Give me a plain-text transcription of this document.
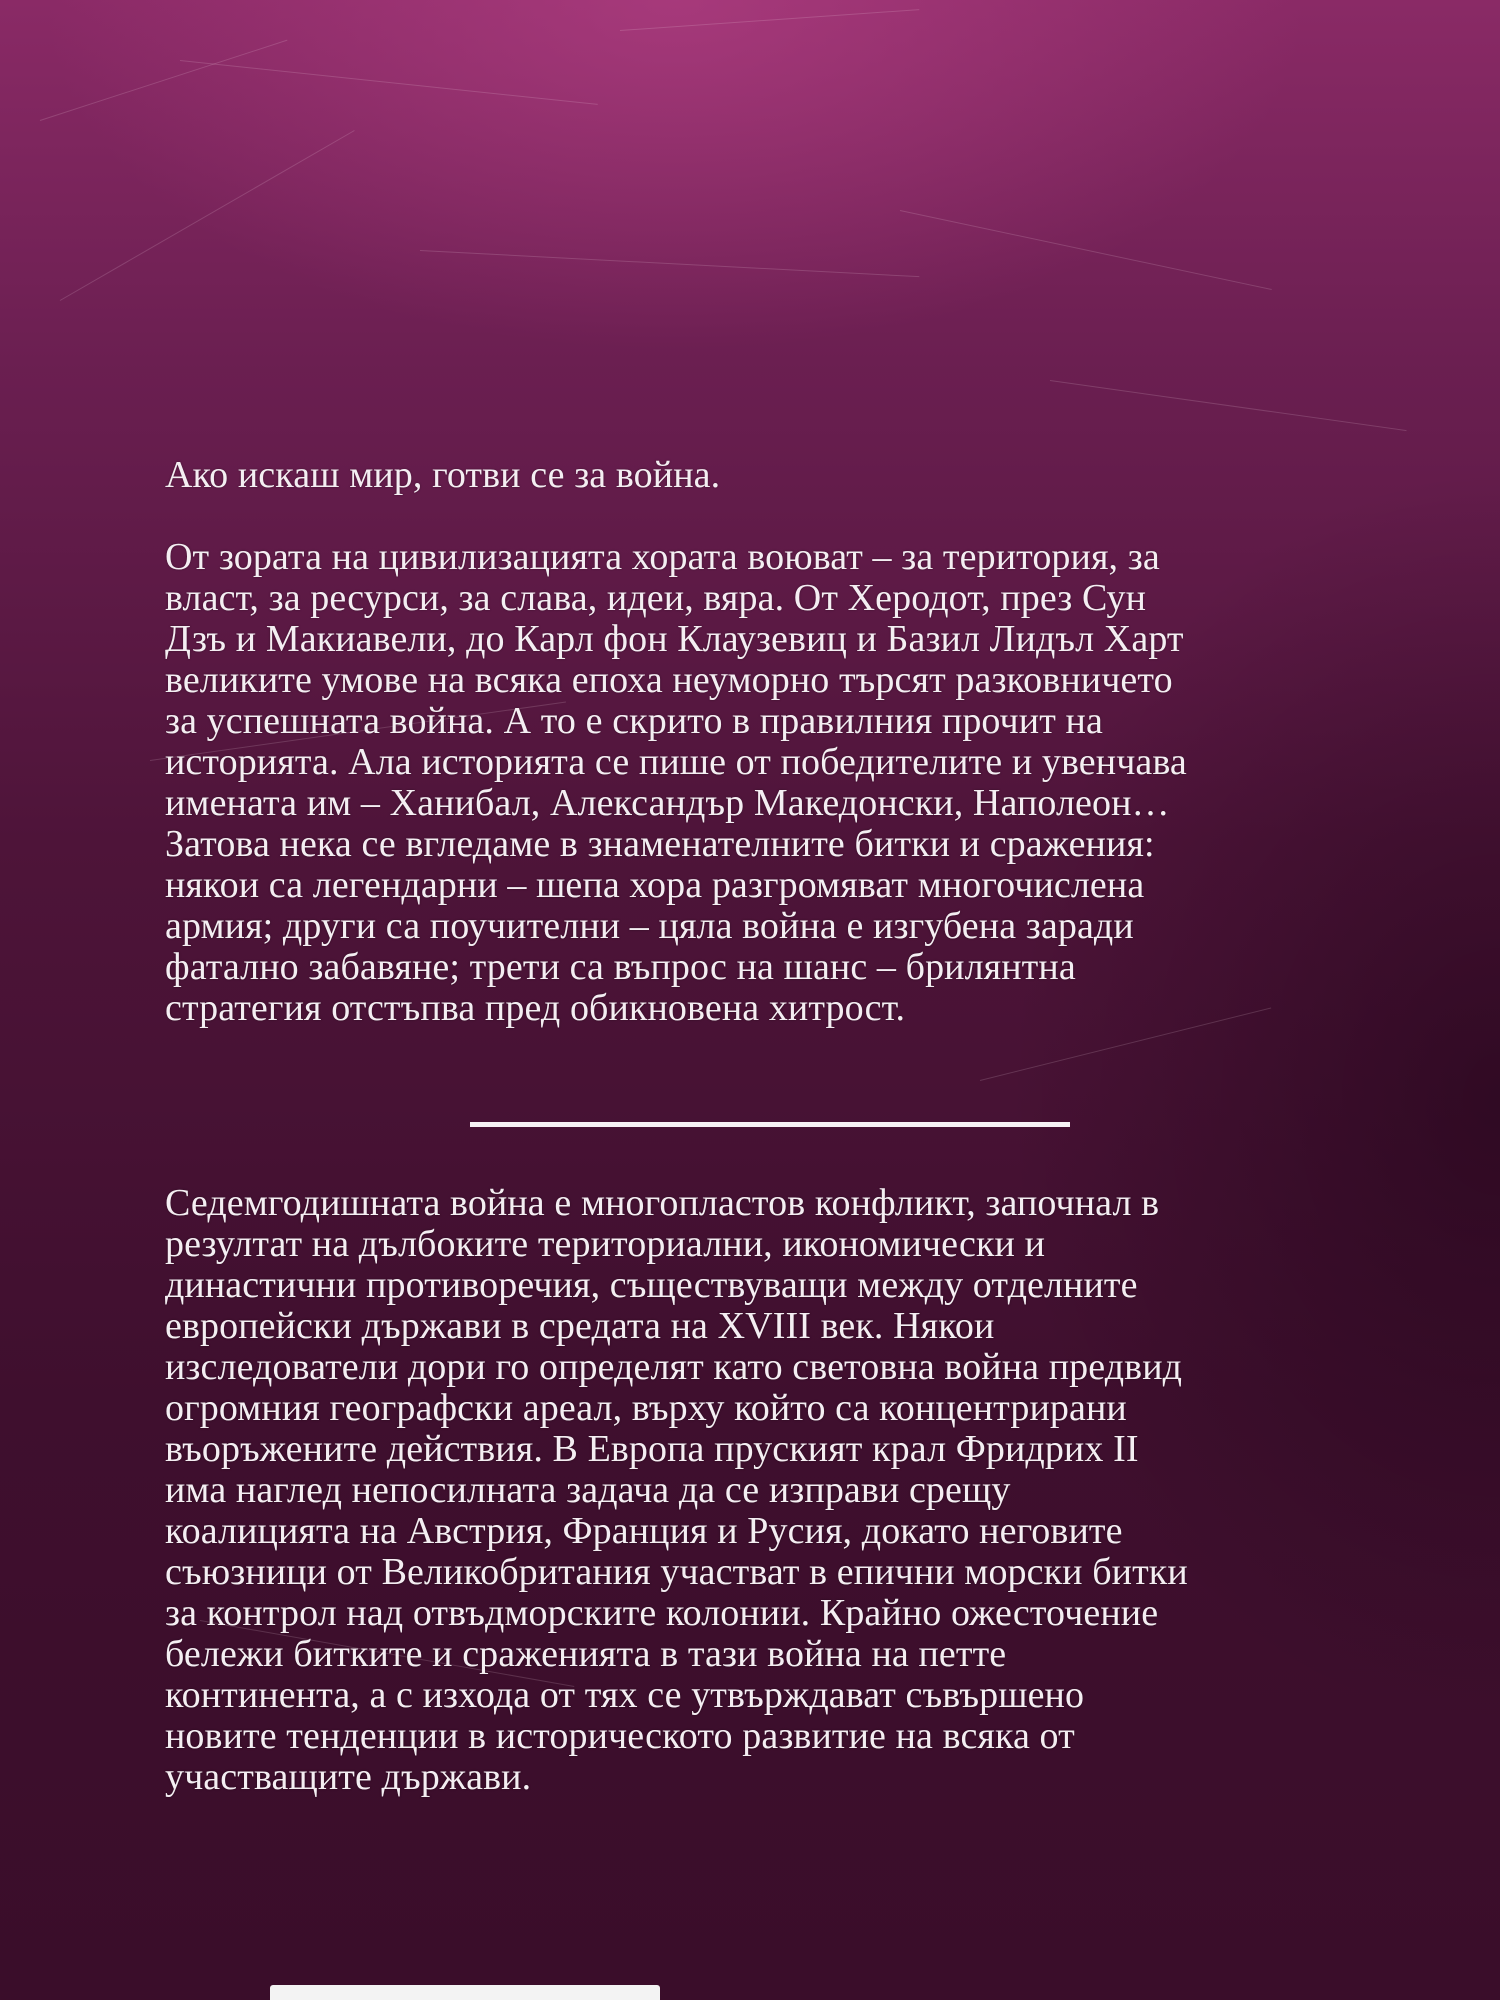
Ако искаш мир, готви се за война.
От зората на цивилизацията хората воюват – за територия, за
власт, за ресурси, за слава, идеи, вяра. От Херодот, през Сун
Дзъ и Макиавели, до Карл фон Клаузевиц и Базил Лидъл Харт
великите умове на всяка епоха неуморно търсят разковничето
за успешната война. А то е скрито в правилния прочит на
историята. Ала историята се пише от победителите и увенчава
имената им – Ханибал, Александър Македонски, Наполеон…
Затова нека се вгледаме в знаменателните битки и сражения:
някои са легендарни – шепа хора разгромяват многочислена
армия; други са поучителни – цяла война е изгубена заради
фатално забавяне; трети са въпрос на шанс – брилянтна
стратегия отстъпва пред обикновена хитрост.
Седемгодишната война е многопластов конфликт, започнал в
резултат на дълбоките териториални, икономически и
династични противоречия, съществуващи между отделните
европейски държави в средата на XVIII век. Някои
изследователи дори го определят като световна война предвид
огромния географски ареал, върху който са концентрирани
въоръжените действия. В Европа пруският крал Фридрих II
има наглед непосилната задача да се изправи срещу
коалицията на Австрия, Франция и Русия, докато неговите
съюзници от Великобритания участват в епични морски битки
за контрол над отвъдморските колонии. Крайно ожесточение
бележи битките и сраженията в тази война на петте
континента, а с изхода от тях се утвърждават съвършено
новите тенденции в историческото развитие на всяка от
участващите държави.
